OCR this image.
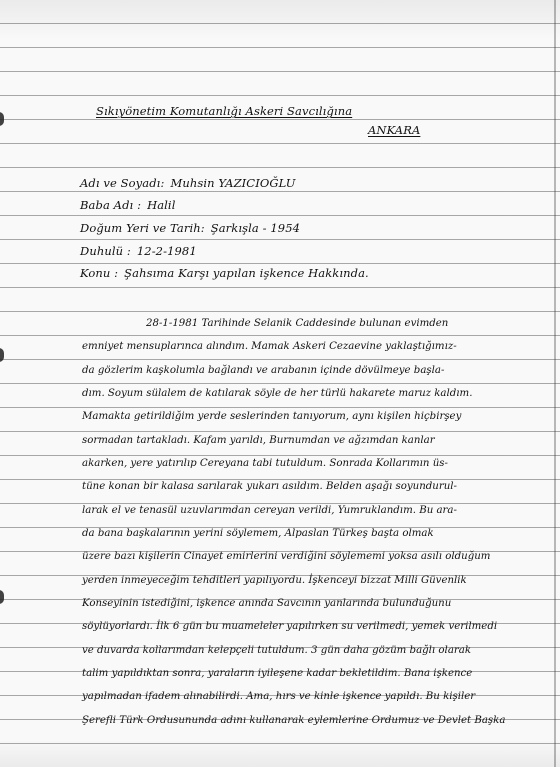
Sıkıyönetim Komutanlığı Askeri Savcılığına
ANKARA
Adı ve Soyadı: Muhsin YAZICIOĞLU
Baba Adı : Halil
Doğum Yeri ve Tarih: Şarkışla - 1954
Duhulü : 12-2-1981
Konu : Şahsıma Karşı yapılan işkence Hakkında.
28-1-1981 Tarihinde Selanik Caddesinde bulunan evimden
emniyet mensuplarınca alındım. Mamak Askeri Cezaevine yaklaştığımız-
da gözlerim kaşkolumla bağlandı ve arabanın içinde dövülmeye başla-
dım. Soyum sülalem de katılarak söyle de her türlü hakarete maruz kaldım.
Mamakta getirildiğim yerde seslerinden tanıyorum, aynı kişilen hiçbirşey
sormadan tartakladı. Kafam yarıldı, Burnumdan ve ağzımdan kanlar
akarken, yere yatırılıp Cereyana tabi tutuldum. Sonrada Kollarımın üs-
tüne konan bir kalasa sarılarak yukarı asıldım. Belden aşağı soyundurul-
larak el ve tenasül uzuvlarımdan cereyan verildi, Yumruklandım. Bu ara-
da bana başkalarının yerini söylemem, Alpaslan Türkeş başta olmak
üzere bazı kişilerin Cinayet emirlerini verdiğini söylememi yoksa asılı olduğum
yerden inmeyeceğim tehditleri yapılıyordu. İşkenceyi bizzat Milli Güvenlik
Konseyinin istediğini, işkence anında Savcının yanlarında bulunduğunu
söylüyorlardı. İlk 6 gün bu muameleler yapılırken su verilmedi, yemek verilmedi
ve duvarda kollarımdan kelepçeli tutuldum. 3 gün daha gözüm bağlı olarak
talim yapıldıktan sonra, yaraların iyileşene kadar bekletildim. Bana işkence
yapılmadan ifadem alınabilirdi. Ama, hırs ve kinle işkence yapıldı. Bu kişiler
Şerefli Türk Ordusununda adını kullanarak eylemlerine Ordumuz ve Devlet Başka
